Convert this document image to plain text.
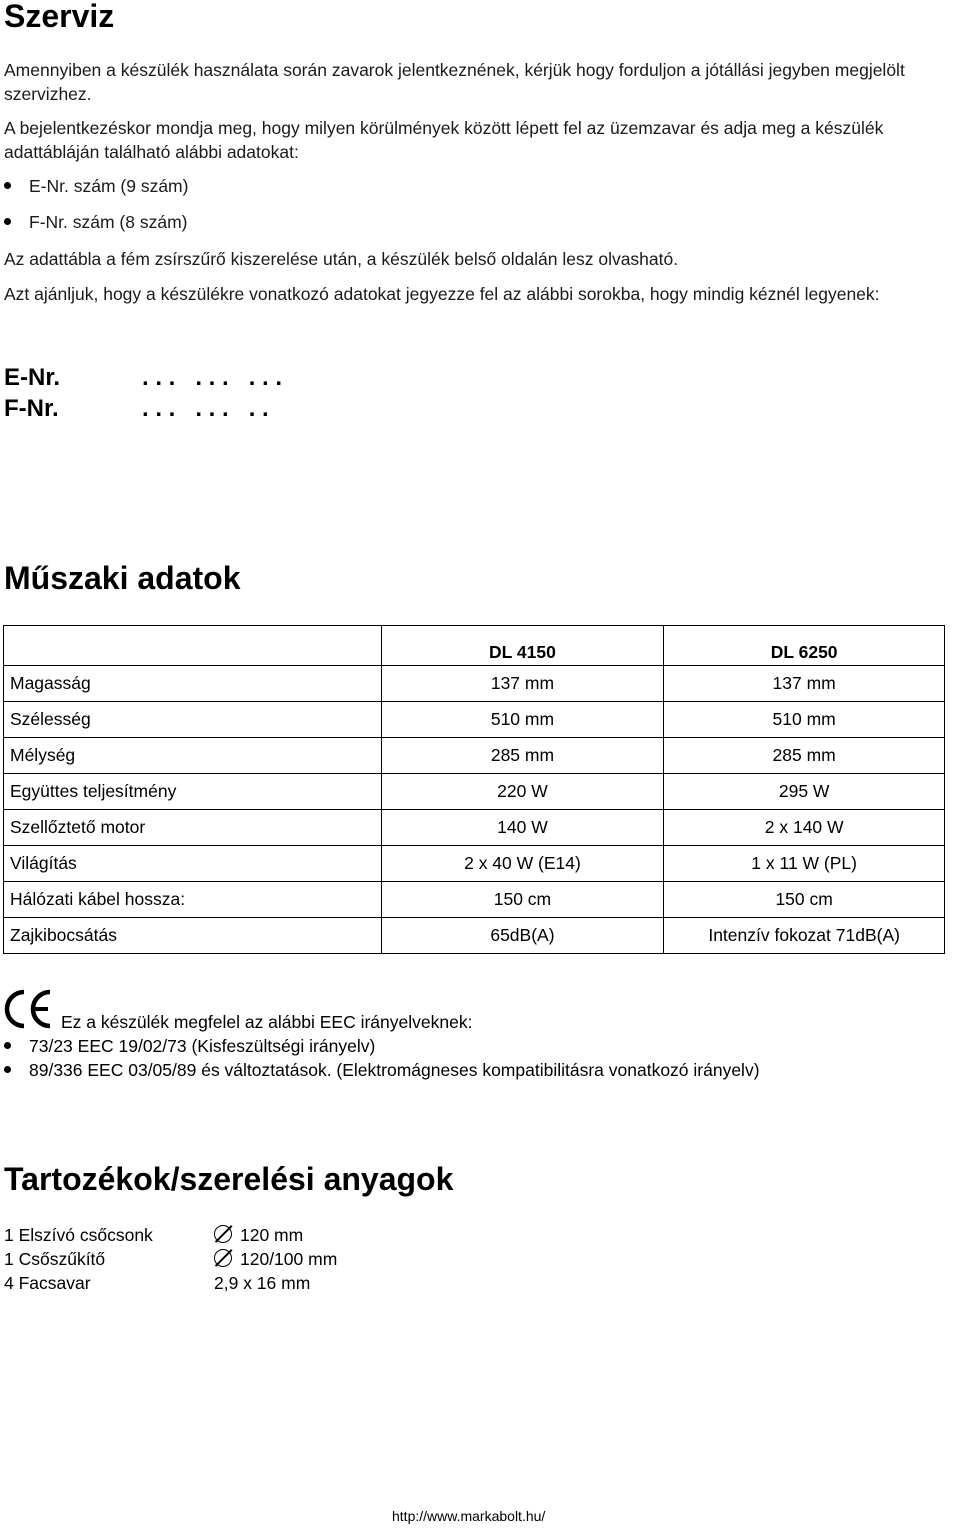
Szerviz
Amennyiben a készülék használata során zavarok jelentkeznének, kérjük hogy forduljon a jótállási jegyben megjelölt szervizhez.
A bejelentkezéskor mondja meg, hogy milyen körülmények között lépett fel az üzemzavar és adja meg a készülék adattábláján található alábbi adatokat:
E-Nr. szám (9 szám)
F-Nr. szám (8 szám)
Az adattábla a fém zsírszűrő kiszerelése után, a készülék belső oldalán lesz olvasható.
Azt ajánljuk, hogy a készülékre vonatkozó adatokat jegyezze fel az alábbi sorokba, hogy mindig kéznél legyenek:
E-Nr.	. . .   . . .   . . .
F-Nr.	. . .   . . .   . .
Műszaki adatok
	DL 4150	DL 6250
Magasság	137 mm	137 mm
Szélesség	510 mm	510 mm
Mélység	285 mm	285 mm
Együttes teljesítmény	220 W	295 W
Szellőztető motor	140 W	2 x 140 W
Világítás	2 x 40 W (E14)	1 x 11 W (PL)
Hálózati kábel hossza:	150 cm	150 cm
Zajkibocsátás	65dB(A)	Intenzív fokozat 71dB(A)
Ez a készülék megfelel az alábbi EEC irányelveknek:
73/23 EEC 19/02/73 (Kisfeszültségi irányelv)
89/336 EEC 03/05/89 és változtatások. (Elektromágneses kompatibilitásra vonatkozó irányelv)
Tartozékok/szerelési anyagok
1 Elszívó csőcsonk	120 mm
1 Csőszűkítő	120/100 mm
4 Facsavar	2,9 x 16 mm
http://www.markabolt.hu/
